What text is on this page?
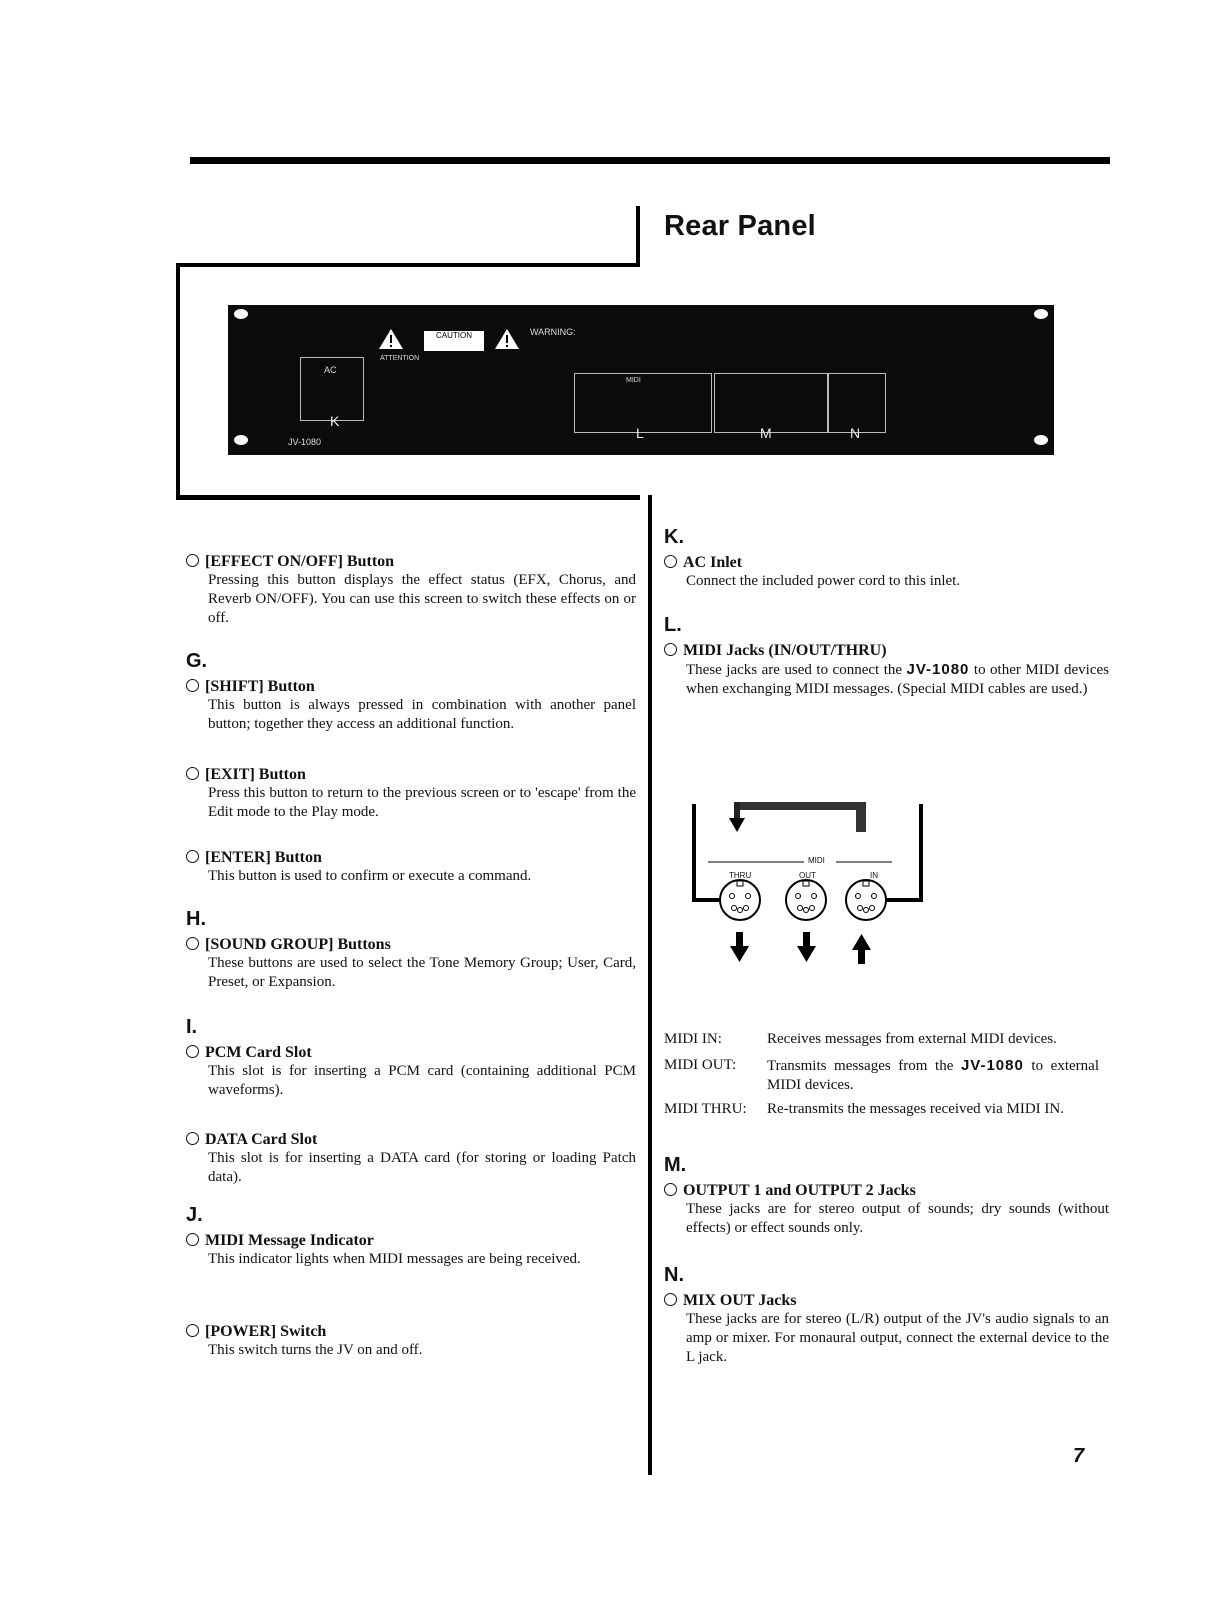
Rear Panel
AC
JV-1080
CAUTION	WARNING:
ATTENTION
MIDI
K
L	M	N
[EFFECT ON/OFF] Button
Pressing this button displays the effect status (EFX, Chorus, and Reverb ON/OFF). You can use this screen to switch these effects on or off.
G.
[SHIFT] Button
This button is always pressed in combination with another panel button; together they access an additional function.
[EXIT] Button
Press this button to return to the previous screen or to 'escape' from the Edit mode to the Play mode.
[ENTER] Button
This button is used to confirm or execute a command.
H.
[SOUND GROUP] Buttons
These buttons are used to select the Tone Memory Group; User, Card, Preset, or Expansion.
I.
PCM Card Slot
This slot is for inserting a PCM card (containing additional PCM waveforms).
DATA Card Slot
This slot is for inserting a DATA card (for storing or loading Patch data).
J.
MIDI Message Indicator
This indicator lights when MIDI messages are being received.
[POWER] Switch
This switch turns the JV on and off.
K.
AC Inlet
Connect the included power cord to this inlet.
L.
MIDI Jacks (IN/OUT/THRU)
These jacks are used to connect the JV-1080 to other MIDI devices when exchanging MIDI messages. (Special MIDI cables are used.)
MIDI
THRU	OUT	IN
MIDI IN:	Receives messages from external MIDI devices.
MIDI OUT:	Transmits messages from the JV-1080 to external MIDI devices.
MIDI THRU:	Re-transmits the messages received via MIDI IN.
M.
OUTPUT 1 and OUTPUT 2 Jacks
These jacks are for stereo output of sounds; dry sounds (without effects) or effect sounds only.
N.
MIX OUT Jacks
These jacks are for stereo (L/R) output of the JV's audio signals to an amp or mixer. For monaural output, connect the external device to the L jack.
7
